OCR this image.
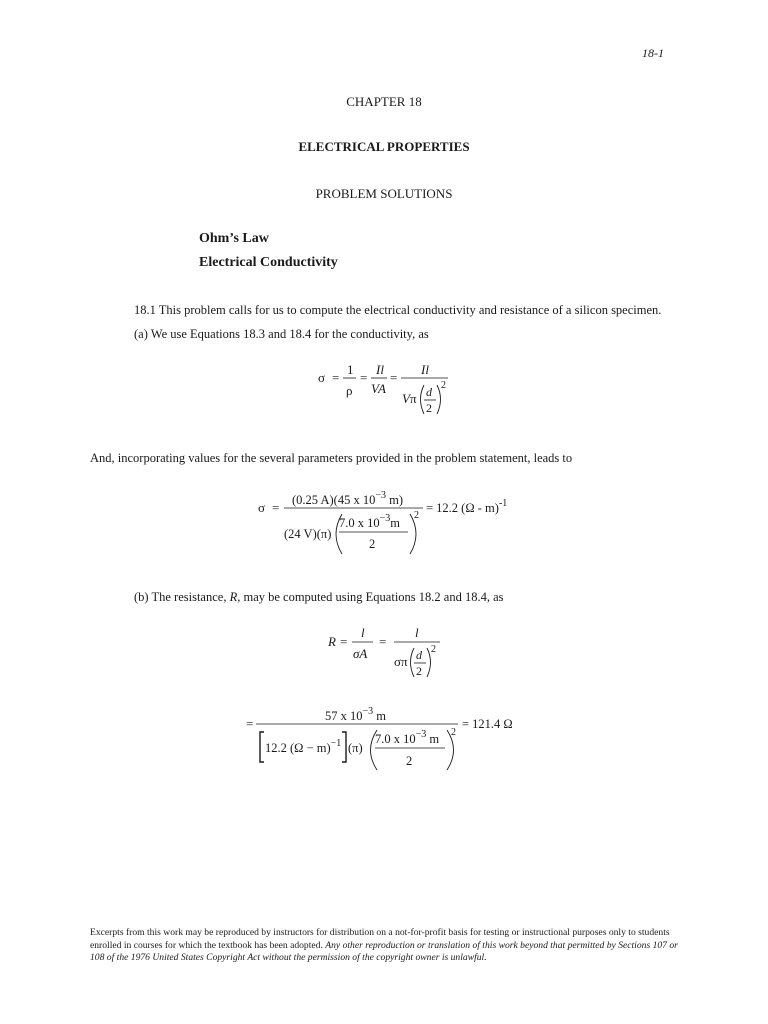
18-1
CHAPTER 18
ELECTRICAL PROPERTIES
PROBLEM SOLUTIONS
Ohm’s Law
Electrical Conductivity
18.1 This problem calls for us to compute the electrical conductivity and resistance of a silicon specimen.
(a) We use Equations 18.3 and 18.4 for the conductivity, as
σ =
1
ρ
=
Il
VA
=
Il
V π d
2
2
And, incorporating values for the several parameters provided in the problem statement, leads to
σ = (0.25 A)(45 x $10^{-3}$ m)
(24 V)(π)
7.0 x $10^{-3}m$
2
2
= 12.2 (Ω - m)$^{-1}$
(b) The resistance, R, may be computed using Equations 18.2 and 18.4, as
R =
l
σA
=
l
σπ d
2
2
=	57 x $10^{-3}$ m
12.2 $(\Omega - m)^{-1}$ (π)
7.0 x $10^{-3}$ m
2
2
= 121.4 Ω
Excerpts from this work may be reproduced by instructors for distribution on a not-for-profit basis for testing or instructional purposes only to students enrolled in courses for which the textbook has been adopted. Any other reproduction or translation of this work beyond that permitted by Sections 107 or 108 of the 1976 United States Copyright Act without the permission of the copyright owner is unlawful.
